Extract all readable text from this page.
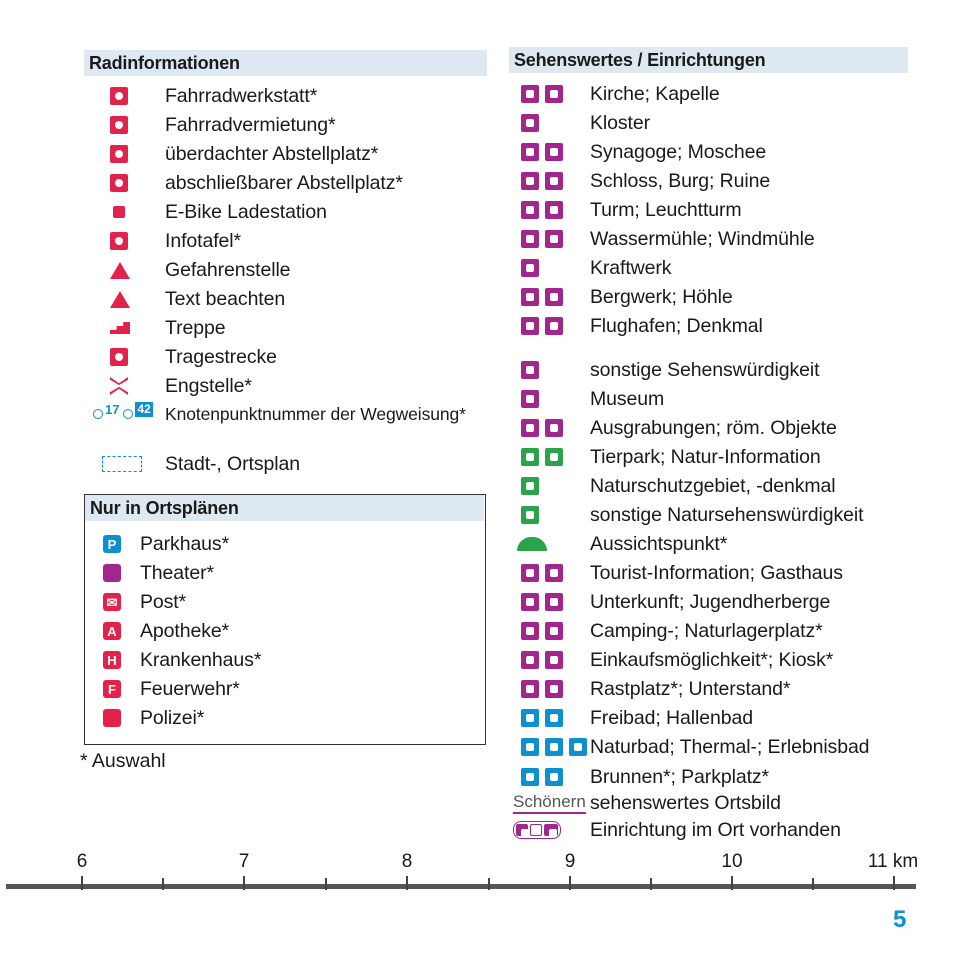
Radinformationen
Fahrradwerkstatt*
Fahrradvermietung*
überdachter Abstellplatz*
abschließbarer Abstellplatz*
E-Bike Ladestation
Infotafel*
Gefahrenstelle
Text beachten
Treppe
Tragestrecke
Engstelle*
17 42 Knotenpunktnummer der Wegweisung*
Stadt-, Ortsplan
Nur in Ortsplänen
P Parkhaus*
Theater*
✉ Post*
A Apotheke*
H Krankenhaus*
F Feuerwehr*
Polizei*
* Auswahl
Sehenswertes / Einrichtungen
Kirche; Kapelle
Kloster
Synagoge; Moschee
Schloss, Burg; Ruine
Turm; Leuchtturm
Wassermühle; Windmühle
Kraftwerk
Bergwerk; Höhle
Flughafen; Denkmal
sonstige Sehenswürdigkeit
Museum
Ausgrabungen; röm. Objekte
Tierpark; Natur-Information
Naturschutzgebiet, -denkmal
sonstige Natursehenswürdigkeit
Aussichtspunkt*
Tourist-Information; Gasthaus
Unterkunft; Jugendherberge
Camping-; Naturlagerplatz*
Einkaufsmöglichkeit*; Kiosk*
Rastplatz*; Unterstand*
Freibad; Hallenbad
Naturbad; Thermal-; Erlebnisbad
Brunnen*; Parkplatz*
Schönern sehenswertes Ortsbild
Einrichtung im Ort vorhanden
6	7	8	9	10	11 km
5
